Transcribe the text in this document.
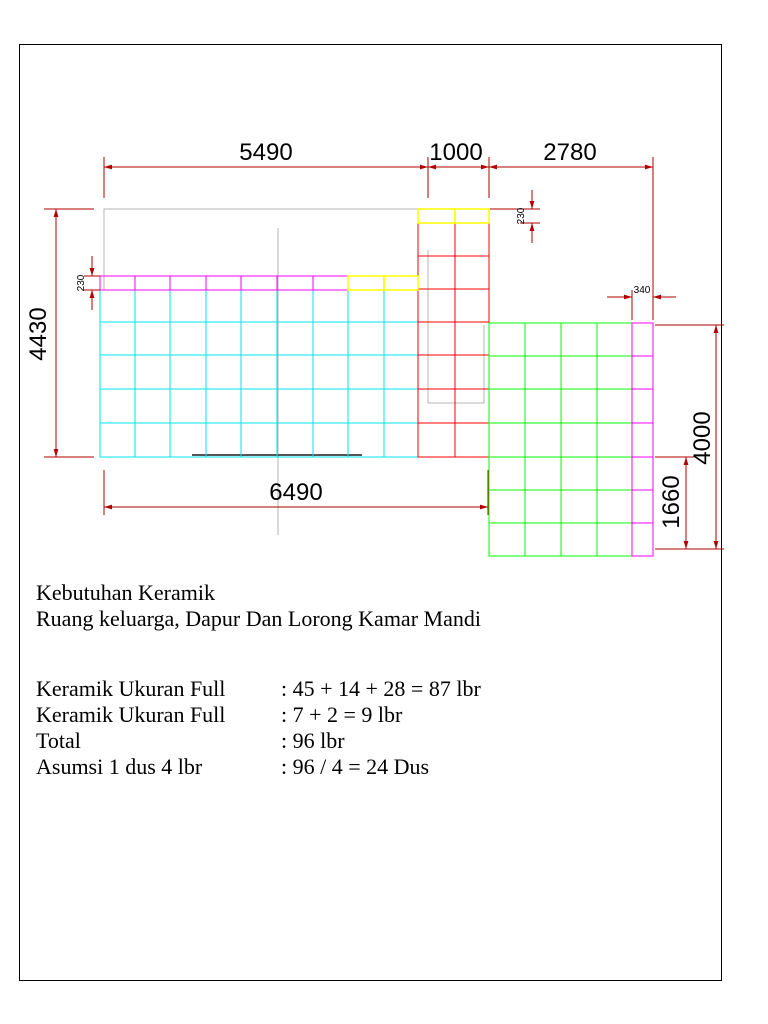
5490	1000	2780
4430
6490
4000
1660
230
230	340
Kebutuhan Keramik
Ruang keluarga, Dapur Dan Lorong Kamar Mandi
Keramik Ukuran Full	: 45 + 14 + 28 = 87 lbr
Keramik Ukuran Full	: 7 + 2 = 9 lbr
Total	: 96 lbr
Asumsi 1 dus 4 lbr	: 96 / 4 = 24 Dus
